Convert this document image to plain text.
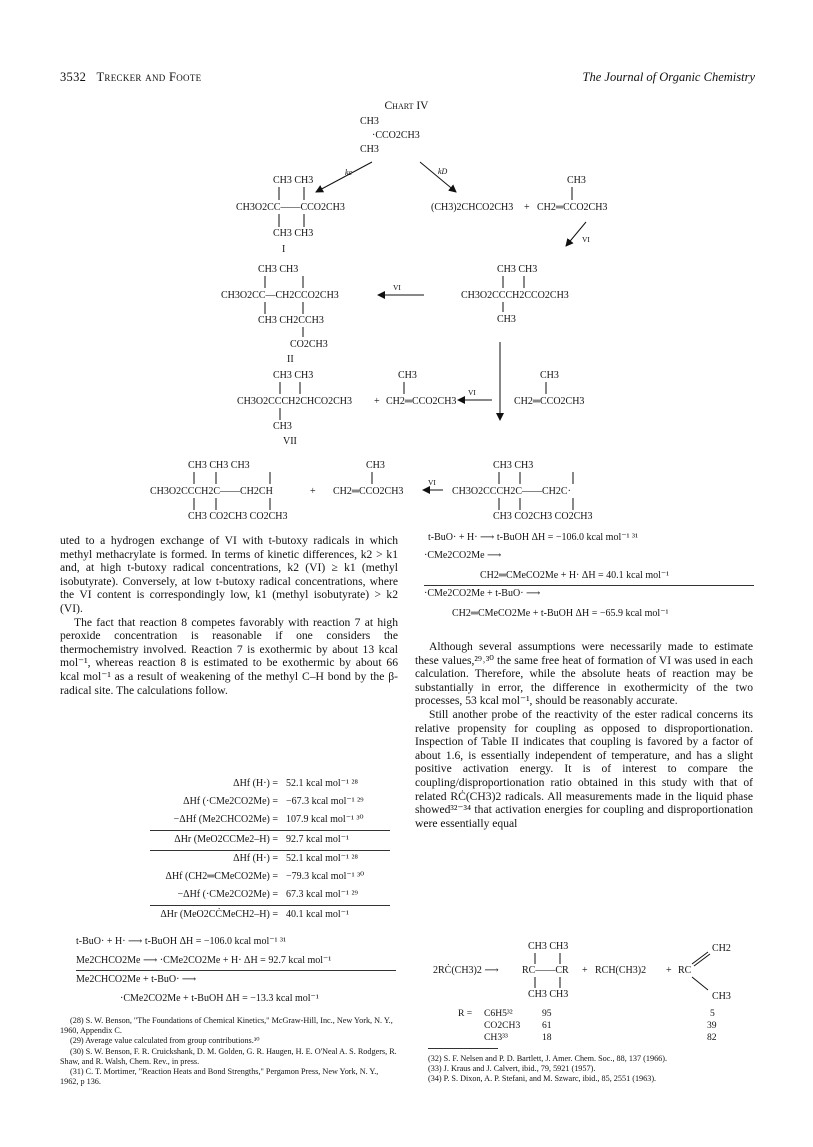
3532 Trecker and Foote	The Journal of Organic Chemistry
Chart IV
CH3
·CCO2CH3
CH3
kc	kD
CH3 CH3
CH3O2CC——CCO2CH3
CH3 CH3
I
(CH3)2CHCO2CH3 +
CH3
CH2═CCO2CH3
VI
CH3 CH3
CH3O2CC—CH2CCO2CH3
CH3 CH2CCH3
CO2CH3
II
VI
CH3 CH3
CH3O2CCCH2CCO2CH3
CH3
CH3 CH3
CH3O2CCCH2CHCO2CH3
CH3
VII
+
CH3
CH2═CCO2CH3
VI
CH3
CH2═CCO2CH3
CH3 CH3 CH3
CH3O2CCCH2C——CH2CH
CH3 CO2CH3 CO2CH3
+
CH3
CH2═CCO2CH3
VI
CH3 CH3
CH3O2CCCH2C——CH2C·
CH3 CO2CH3 CO2CH3

uted to a hydrogen exchange of VI with t-butoxy radicals in which methyl methacrylate is formed. In terms of kinetic differences, k2 > k1 and, at high t-butoxy radical concentrations, k2 (VI) ≥ k1 (methyl isobutyrate). Conversely, at low t-butoxy radical concentrations, where the VI content is correspondingly low, k1 (methyl isobutyrate) > k2 (VI).

The fact that reaction 8 competes favorably with reaction 7 at high peroxide concentration is reasonable if one considers the thermochemistry involved. Reaction 7 is exothermic by about 13 kcal mol⁻¹, whereas reaction 8 is estimated to be exothermic by about 66 kcal mol⁻¹ as a result of weakening of the methyl C–H bond by the β-radical site. The calculations follow.

ΔHf (H·) = 52.1 kcal mol⁻¹ ²⁸
ΔHf (·CMe2CO2Me) = −67.3 kcal mol⁻¹ ²⁹
−ΔHf (Me2CHCO2Me) = 107.9 kcal mol⁻¹ ³⁰
ΔHr (MeO2CCMe2–H) = 92.7 kcal mol⁻¹
ΔHf (H·) = 52.1 kcal mol⁻¹ ²⁸
ΔHf (CH2═CMeCO2Me) = −79.3 kcal mol⁻¹ ³⁰
−ΔHf (·CMe2CO2Me) = 67.3 kcal mol⁻¹ ²⁹
ΔHr (MeO2CĊMeCH2–H) = 40.1 kcal mol⁻¹
t-BuO· + H· ⟶ t-BuOH ΔH = −106.0 kcal mol⁻¹ ³¹
Me2CHCO2Me ⟶ ·CMe2CO2Me + H· ΔH = 92.7 kcal mol⁻¹
Me2CHCO2Me + t-BuO· ⟶
·CMe2CO2Me + t-BuOH ΔH = −13.3 kcal mol⁻¹

(28) S. W. Benson, "The Foundations of Chemical Kinetics," McGraw-Hill, Inc., New York, N. Y., 1960, Appendix C.

(29) Average value calculated from group contributions.³⁰

(30) S. W. Benson, F. R. Cruickshank, D. M. Golden, G. R. Haugen, H. E. O'Neal A. S. Rodgers, R. Shaw, and R. Walsh, Chem. Rev., in press.

(31) C. T. Mortimer, "Reaction Heats and Bond Strengths," Pergamon Press, New York, N. Y., 1962, p 136.

t-BuO· + H· ⟶ t-BuOH ΔH = −106.0 kcal mol⁻¹ ³¹
·CMe2CO2Me ⟶
CH2═CMeCO2Me + H· ΔH = 40.1 kcal mol⁻¹
·CMe2CO2Me + t-BuO· ⟶
CH2═CMeCO2Me + t-BuOH ΔH = −65.9 kcal mol⁻¹

Although several assumptions were necessarily made to estimate these values,²⁹˒³⁰ the same free heat of formation of VI was used in each calculation. Therefore, while the absolute heats of reaction may be substantially in error, the difference in exothermicity of the two processes, 53 kcal mol⁻¹, should be reasonably accurate.

Still another probe of the reactivity of the ester radical concerns its relative propensity for coupling as opposed to disproportionation. Inspection of Table II indicates that coupling is favored by a factor of about 1.6, is essentially independent of temperature, and has a slight positive activation energy. It is of interest to compare the coupling/disproportionation ratio obtained in this study with that of related RĊ(CH3)2 radicals. All measurements made in the liquid phase showed³²⁻³⁴ that activation energies for coupling and disproportionation were essentially equal

2RĊ(CH3)2 ⟶
CH3 CH3
RC——CR
CH3 CH3
+ RCH(CH3)2 + RC
CH2
CH3
R = C6H5³²	95	5
CO2CH3 61	39
CH3³³	18	82

(32) S. F. Nelsen and P. D. Bartlett, J. Amer. Chem. Soc., 88, 137 (1966).

(33) J. Kraus and J. Calvert, ibid., 79, 5921 (1957).

(34) P. S. Dixon, A. P. Stefani, and M. Szwarc, ibid., 85, 2551 (1963).
